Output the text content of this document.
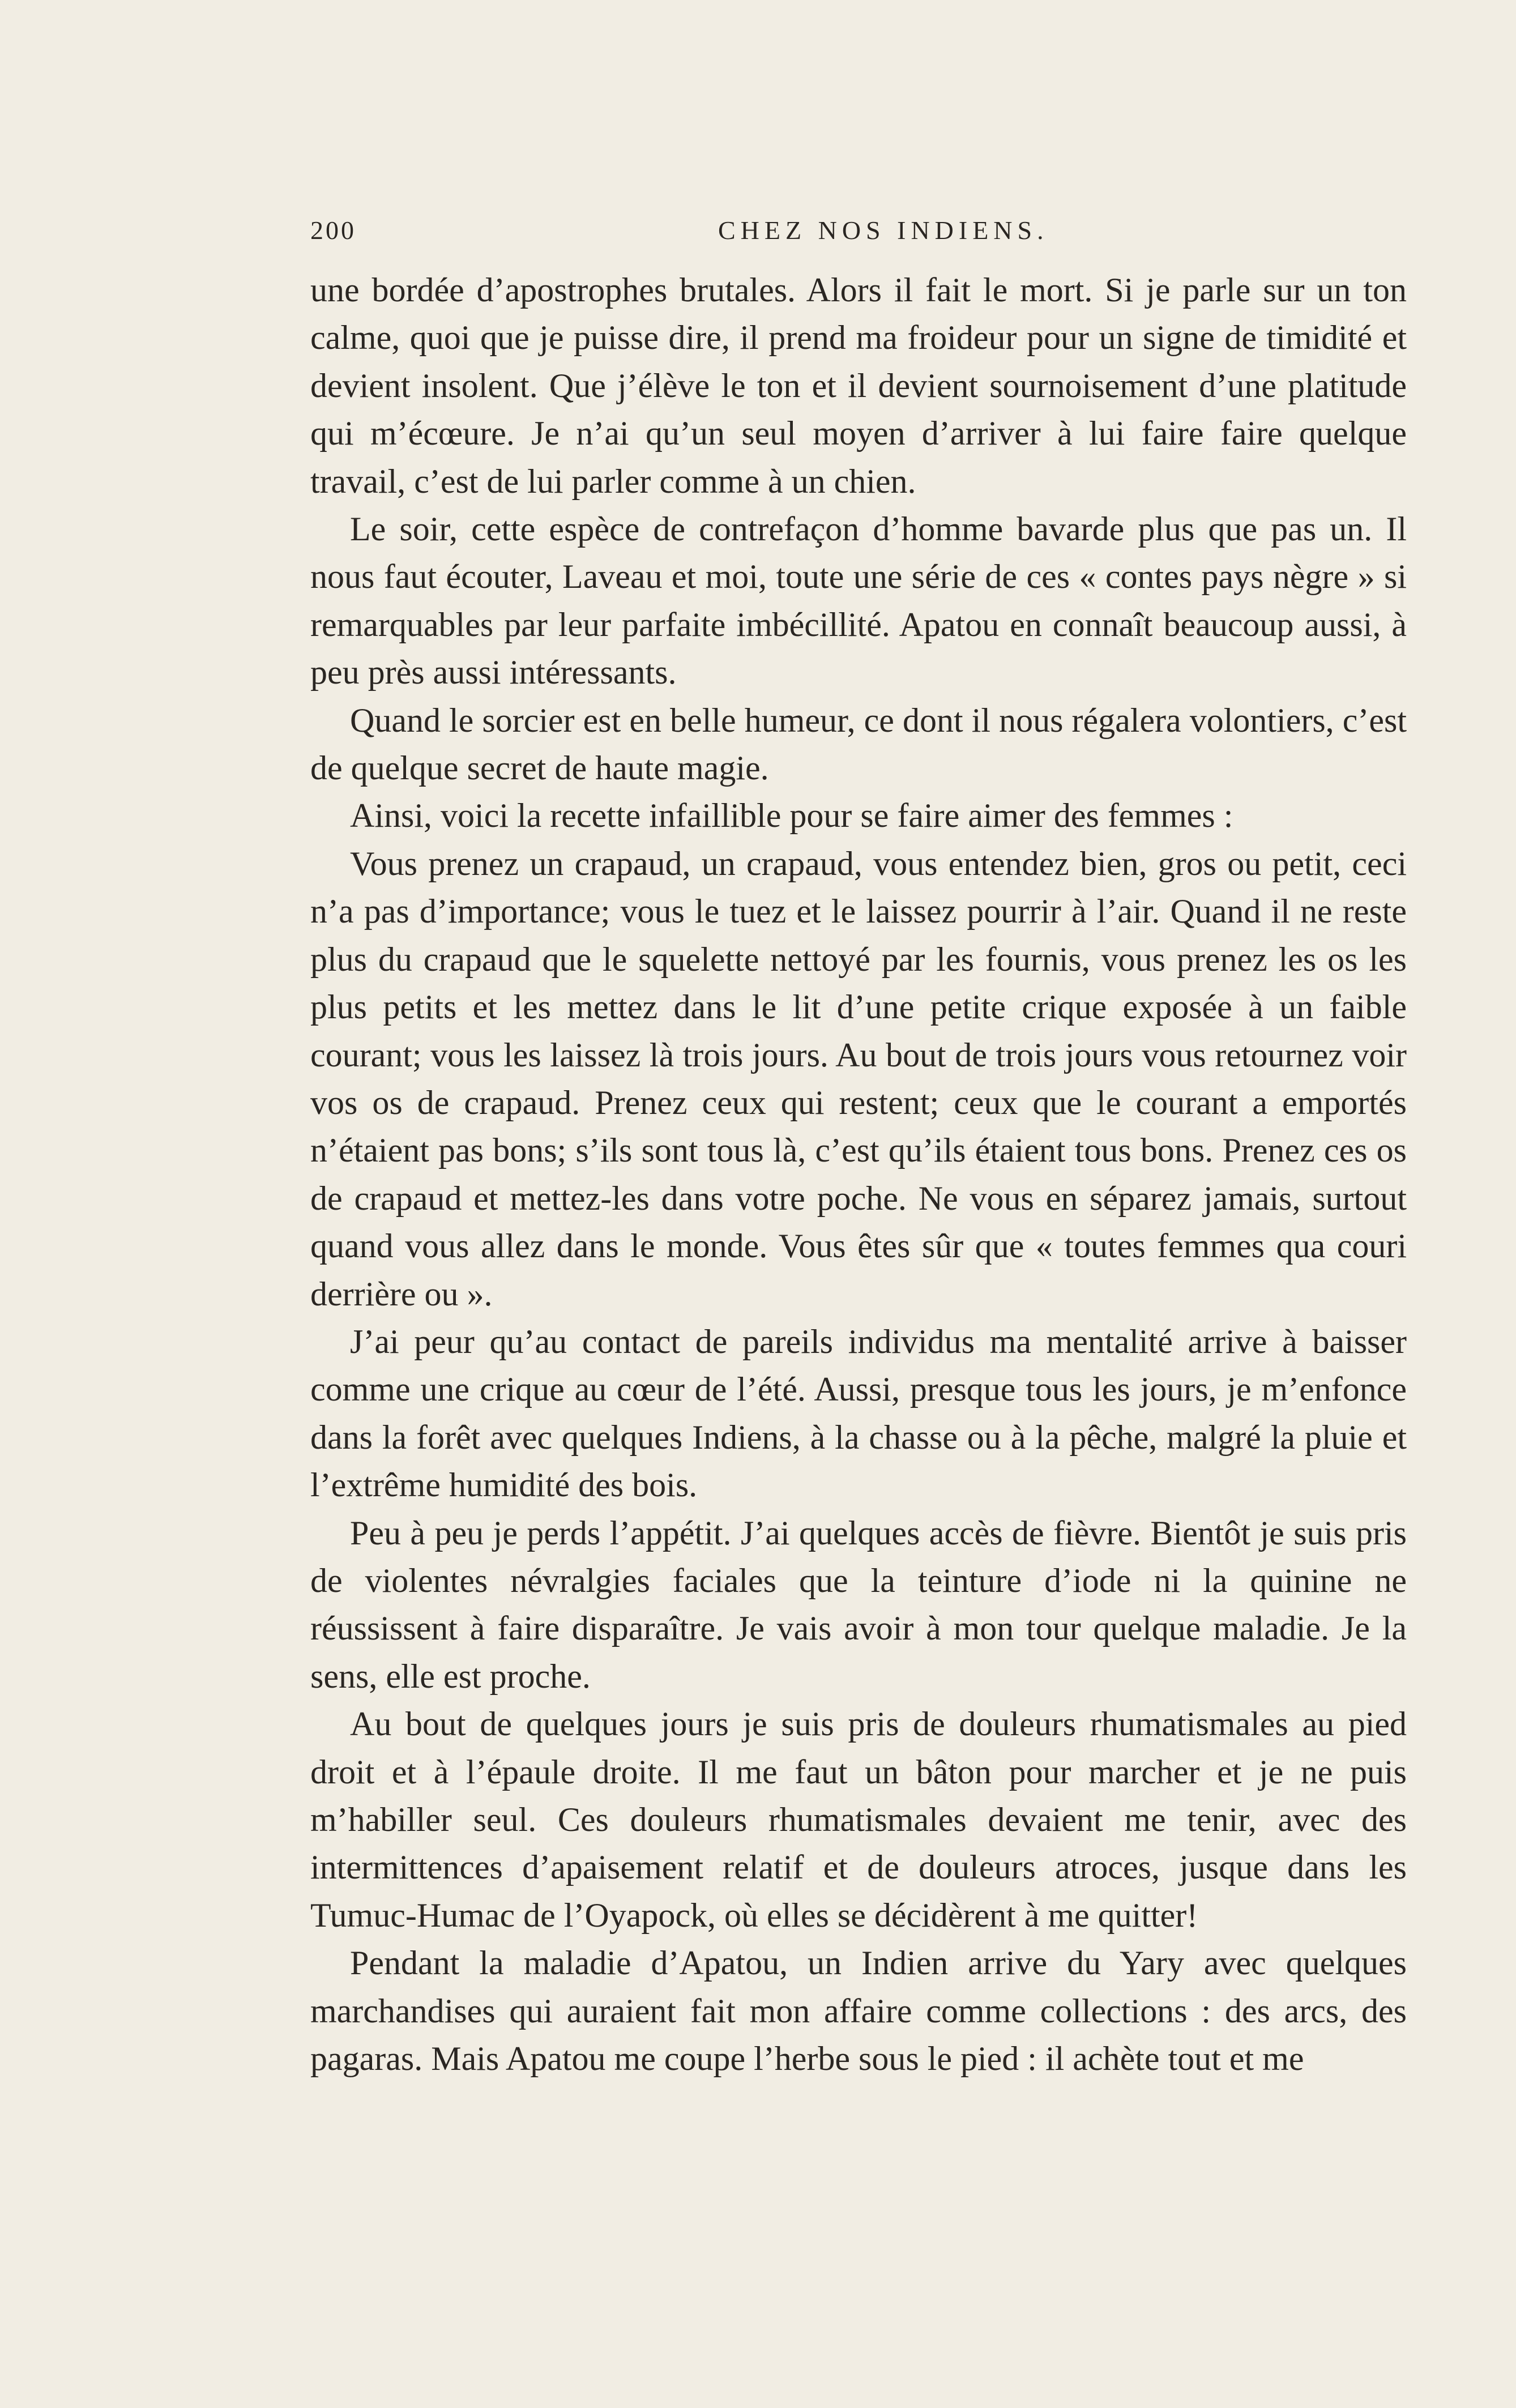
200	CHEZ NOS INDIENS.

une bordée d’apostrophes brutales. Alors il fait le mort. Si je parle sur un ton calme, quoi que je puisse dire, il prend ma froideur pour un signe de timidité et devient insolent. Que j’élève le ton et il devient sournoisement d’une platitude qui m’écœure. Je n’ai qu’un seul moyen d’arriver à lui faire faire quelque travail, c’est de lui parler comme à un chien.

Le soir, cette espèce de contrefaçon d’homme bavarde plus que pas un. Il nous faut écouter, Laveau et moi, toute une série de ces « contes pays nègre » si remarquables par leur parfaite imbécillité. Apatou en connaît beaucoup aussi, à peu près aussi intéressants.

Quand le sorcier est en belle humeur, ce dont il nous régalera volontiers, c’est de quelque secret de haute magie.

Ainsi, voici la recette infaillible pour se faire aimer des femmes :

Vous prenez un crapaud, un crapaud, vous entendez bien, gros ou petit, ceci n’a pas d’importance; vous le tuez et le laissez pourrir à l’air. Quand il ne reste plus du crapaud que le squelette nettoyé par les fournis, vous prenez les os les plus petits et les mettez dans le lit d’une petite crique exposée à un faible courant; vous les laissez là trois jours. Au bout de trois jours vous retournez voir vos os de crapaud. Prenez ceux qui restent; ceux que le courant a emportés n’étaient pas bons; s’ils sont tous là, c’est qu’ils étaient tous bons. Prenez ces os de crapaud et mettez-les dans votre poche. Ne vous en séparez jamais, surtout quand vous allez dans le monde. Vous êtes sûr que « toutes femmes qua couri derrière ou ».

J’ai peur qu’au contact de pareils individus ma mentalité arrive à baisser comme une crique au cœur de l’été. Aussi, presque tous les jours, je m’enfonce dans la forêt avec quelques Indiens, à la chasse ou à la pêche, malgré la pluie et l’extrême humidité des bois.

Peu à peu je perds l’appétit. J’ai quelques accès de fièvre. Bientôt je suis pris de violentes névralgies faciales que la teinture d’iode ni la quinine ne réussissent à faire disparaître. Je vais avoir à mon tour quelque maladie. Je la sens, elle est proche.

Au bout de quelques jours je suis pris de douleurs rhumatismales au pied droit et à l’épaule droite. Il me faut un bâton pour marcher et je ne puis m’habiller seul. Ces douleurs rhumatismales devaient me tenir, avec des intermittences d’apaisement relatif et de douleurs atroces, jusque dans les Tumuc-Humac de l’Oyapock, où elles se décidèrent à me quitter!

Pendant la maladie d’Apatou, un Indien arrive du Yary avec quelques marchandises qui auraient fait mon affaire comme collections : des arcs, des pagaras. Mais Apatou me coupe l’herbe sous le pied : il achète tout et me
